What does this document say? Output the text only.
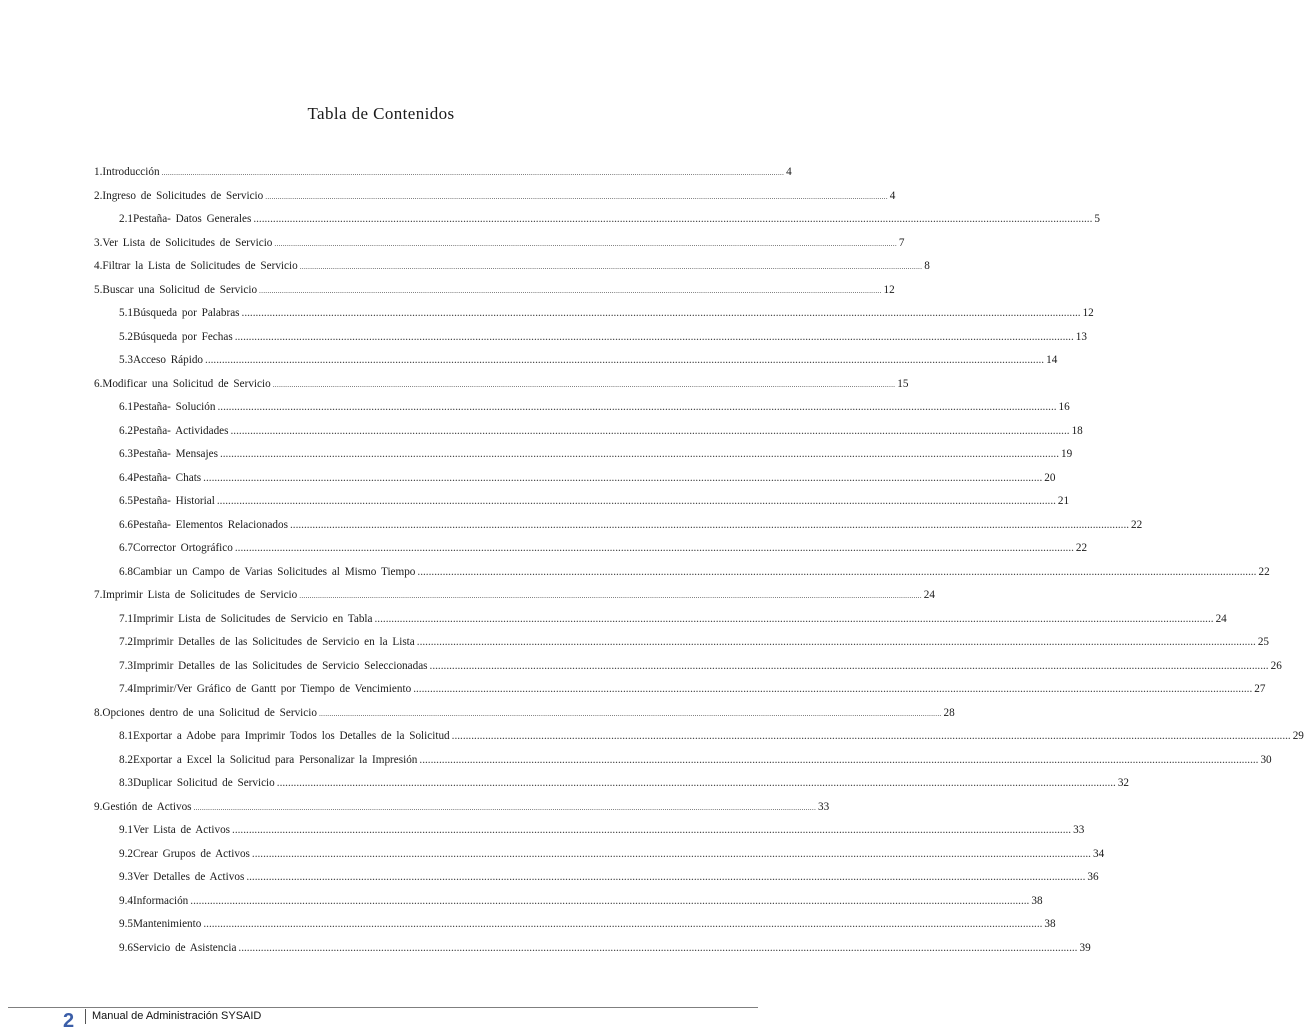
Tabla de Contenidos
1. Introducción ............................................................................................................................................................................................................................................................................................................ 4
2. Ingreso de Solicitudes de Servicio ............................................................................................................................................................................................................................................................................................................ 4
2.1 Pestaña- Datos Generales ............................................................................................................................................................................................................................................................................................................ 5
3. Ver Lista de Solicitudes de Servicio ............................................................................................................................................................................................................................................................................................................ 7
4. Filtrar la Lista de Solicitudes de Servicio ............................................................................................................................................................................................................................................................................................................ 8
5. Buscar una Solicitud de Servicio ............................................................................................................................................................................................................................................................................................................ 12
5.1 Búsqueda por Palabras ............................................................................................................................................................................................................................................................................................................ 12
5.2 Búsqueda por Fechas ............................................................................................................................................................................................................................................................................................................ 13
5.3 Acceso Rápido ............................................................................................................................................................................................................................................................................................................ 14
6. Modificar una Solicitud de Servicio ............................................................................................................................................................................................................................................................................................................ 15
6.1 Pestaña- Solución ............................................................................................................................................................................................................................................................................................................ 16
6.2 Pestaña- Actividades ............................................................................................................................................................................................................................................................................................................ 18
6.3 Pestaña- Mensajes ............................................................................................................................................................................................................................................................................................................ 19
6.4 Pestaña- Chats ............................................................................................................................................................................................................................................................................................................ 20
6.5 Pestaña- Historial ............................................................................................................................................................................................................................................................................................................ 21
6.6 Pestaña- Elementos Relacionados ............................................................................................................................................................................................................................................................................................................ 22
6.7 Corrector Ortográfico ............................................................................................................................................................................................................................................................................................................ 22
6.8 Cambiar un Campo de Varias Solicitudes al Mismo Tiempo ............................................................................................................................................................................................................................................................................................................ 22
7. Imprimir Lista de Solicitudes de Servicio ............................................................................................................................................................................................................................................................................................................ 24
7.1 Imprimir Lista de Solicitudes de Servicio en Tabla ............................................................................................................................................................................................................................................................................................................ 24
7.2 Imprimir Detalles de las Solicitudes de Servicio en la Lista ............................................................................................................................................................................................................................................................................................................ 25
7.3 Imprimir Detalles de las Solicitudes de Servicio Seleccionadas ............................................................................................................................................................................................................................................................................................................ 26
7.4 Imprimir/Ver Gráfico de Gantt por Tiempo de Vencimiento ............................................................................................................................................................................................................................................................................................................ 27
8. Opciones dentro de una Solicitud de Servicio ............................................................................................................................................................................................................................................................................................................ 28
8.1 Exportar a Adobe para Imprimir Todos los Detalles de la Solicitud ............................................................................................................................................................................................................................................................................................................ 29
8.2 Exportar a Excel la Solicitud para Personalizar la Impresión ............................................................................................................................................................................................................................................................................................................ 30
8.3 Duplicar Solicitud de Servicio ............................................................................................................................................................................................................................................................................................................ 32
9. Gestión de Activos ............................................................................................................................................................................................................................................................................................................ 33
9.1 Ver Lista de Activos ............................................................................................................................................................................................................................................................................................................ 33
9.2 Crear Grupos de Activos ............................................................................................................................................................................................................................................................................................................ 34
9.3 Ver Detalles de Activos ............................................................................................................................................................................................................................................................................................................ 36
9.4 Información ............................................................................................................................................................................................................................................................................................................ 38
9.5 Mantenimiento ............................................................................................................................................................................................................................................................................................................ 38
9.6 Servicio de Asistencia ............................................................................................................................................................................................................................................................................................................ 39
2 Manual de Administración SYSAID
